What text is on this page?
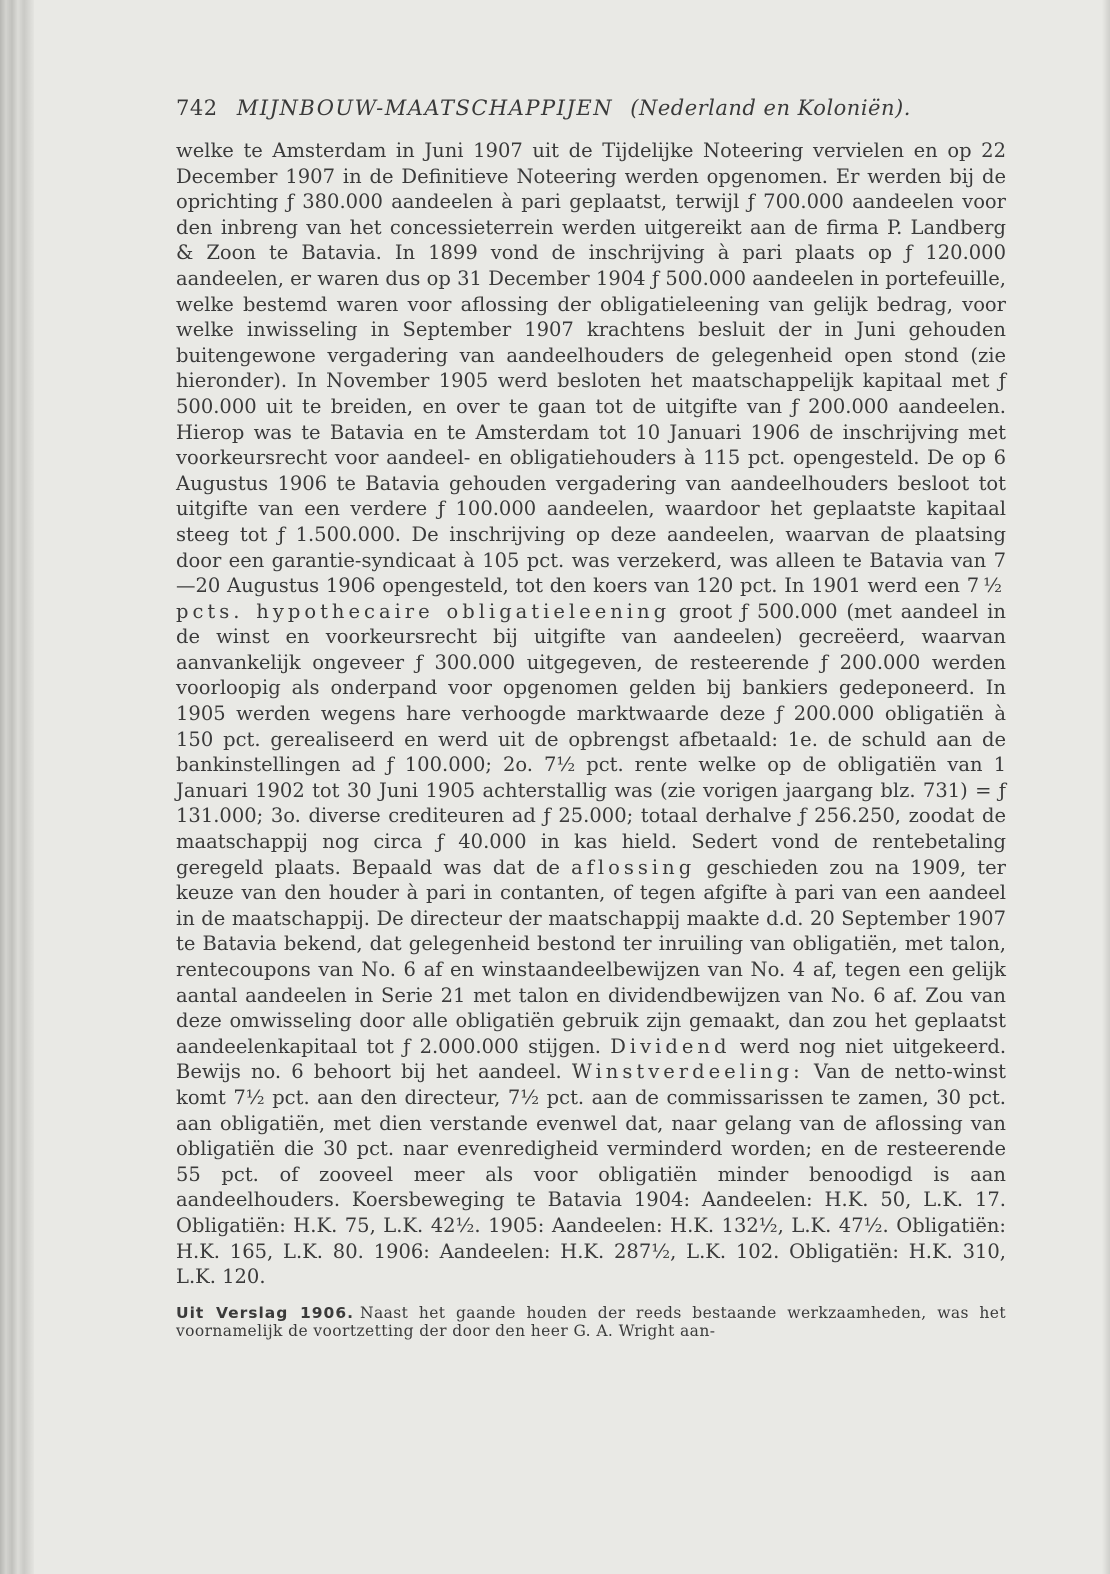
742 MIJNBOUW-MAATSCHAPPIJEN (Nederland en Koloniën).

welke te Amsterdam in Juni 1907 uit de Tijdelijke Noteering vervielen en op 22 December 1907 in de Definitieve Noteering werden opgenomen. Er werden bij de oprichting ƒ 380.000 aandeelen à pari geplaatst, terwijl ƒ 700.000 aandeelen voor den inbreng van het concessieterrein werden uitgereikt aan de firma P. Landberg & Zoon te Batavia. In 1899 vond de inschrijving à pari plaats op ƒ 120.000 aandeelen, er waren dus op 31 December 1904 ƒ 500.000 aandeelen in portefeuille, welke bestemd waren voor aflossing der obligatieleening van gelijk bedrag, voor welke inwisseling in September 1907 krachtens besluit der in Juni gehouden buitengewone vergadering van aandeelhouders de gelegenheid open stond (zie hieronder). In November 1905 werd besloten het maatschappelijk kapitaal met ƒ 500.000 uit te breiden, en over te gaan tot de uitgifte van ƒ 200.000 aandeelen. Hierop was te Batavia en te Amsterdam tot 10 Januari 1906 de inschrijving met voorkeursrecht voor aandeel- en obligatiehouders à 115 pct. opengesteld. De op 6 Augustus 1906 te Batavia gehouden vergadering van aandeelhouders besloot tot uitgifte van een verdere ƒ 100.000 aandeelen, waardoor het geplaatste kapitaal steeg tot ƒ 1.500.000. De inschrijving op deze aandeelen, waarvan de plaatsing door een garantie-syndicaat à 105 pct. was verzekerd, was alleen te Batavia van 7—20 Augustus 1906 opengesteld, tot den koers van 120 pct. In 1901 werd een 7½ pcts. hypothecaire obligatieleening groot ƒ 500.000 (met aandeel in de winst en voorkeursrecht bij uitgifte van aandeelen) gecreëerd, waarvan aanvankelijk ongeveer ƒ 300.000 uitgegeven, de resteerende ƒ 200.000 werden voorloopig als onderpand voor opgenomen gelden bij bankiers gedeponeerd. In 1905 werden wegens hare verhoogde marktwaarde deze ƒ 200.000 obligatiën à 150 pct. gerealiseerd en werd uit de opbrengst afbetaald: 1e. de schuld aan de bankinstellingen ad ƒ 100.000; 2o. 7½ pct. rente welke op de obligatiën van 1 Januari 1902 tot 30 Juni 1905 achterstallig was (zie vorigen jaargang blz. 731) = ƒ 131.000; 3o. diverse crediteuren ad ƒ 25.000; totaal derhalve ƒ 256.250, zoodat de maatschappij nog circa ƒ 40.000 in kas hield. Sedert vond de rentebetaling geregeld plaats. Bepaald was dat de aflossing geschieden zou na 1909, ter keuze van den houder à pari in contanten, of tegen afgifte à pari van een aandeel in de maatschappij. De directeur der maatschappij maakte d.d. 20 September 1907 te Batavia bekend, dat gelegenheid bestond ter inruiling van obligatiën, met talon, rentecoupons van No. 6 af en winstaandeelbewijzen van No. 4 af, tegen een gelijk aantal aandeelen in Serie 21 met talon en dividendbewijzen van No. 6 af. Zou van deze omwisseling door alle obligatiën gebruik zijn gemaakt, dan zou het geplaatst aandeelenkapitaal tot ƒ 2.000.000 stijgen. Dividend werd nog niet uitgekeerd. Bewijs no. 6 behoort bij het aandeel. Winstverdeeling: Van de netto-winst komt 7½ pct. aan den directeur, 7½ pct. aan de commissarissen te zamen, 30 pct. aan obligatiën, met dien verstande evenwel dat, naar gelang van de aflossing van obligatiën die 30 pct. naar evenredigheid verminderd worden; en de resteerende 55 pct. of zooveel meer als voor obligatiën minder benoodigd is aan aandeelhouders. Koersbeweging te Batavia 1904: Aandeelen: H.K. 50, L.K. 17. Obligatiën: H.K. 75, L.K. 42½. 1905: Aandeelen: H.K. 132½, L.K. 47½. Obligatiën: H.K. 165, L.K. 80. 1906: Aandeelen: H.K. 287½, L.K. 102. Obligatiën: H.K. 310, L.K. 120.

Uit Verslag 1906. Naast het gaande houden der reeds bestaande werkzaamheden, was het voornamelijk de voortzetting der door den heer G. A. Wright aan-
